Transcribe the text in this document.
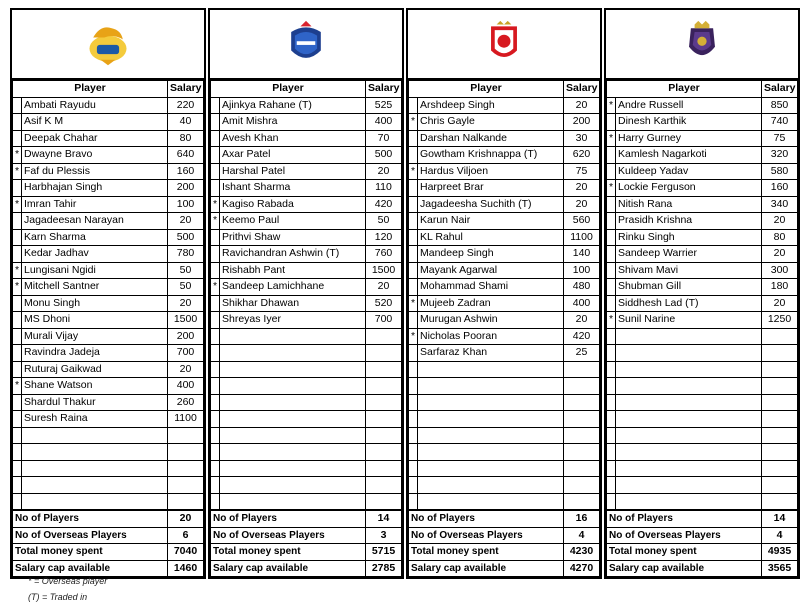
Player		Salary
	Ambati Rayudu	220
	Asif K M	40
	Deepak Chahar	80
*	Dwayne Bravo	640
*	Faf du Plessis	160
	Harbhajan Singh	200
*	Imran Tahir	100
	Jagadeesan Narayan	20
	Karn Sharma	500
	Kedar Jadhav	780
*	Lungisani Ngidi	50
*	Mitchell Santner	50
	Monu Singh	20
	MS Dhoni	1500
	Murali Vijay	200
	Ravindra Jadeja	700
	Ruturaj Gaikwad	20
*	Shane Watson	400
	Shardul Thakur	260
	Suresh Raina	1100

No of Players		20
No of Overseas Players		6
Total money spent		7040
Salary cap available		1460
Player		Salary
	Ajinkya Rahane (T)	525
	Amit Mishra	400
	Avesh Khan	70
	Axar Patel	500
	Harshal Patel	20
	Ishant Sharma	110
*	Kagiso Rabada	420
*	Keemo Paul	50
	Prithvi Shaw	120
	Ravichandran Ashwin (T)	760
	Rishabh Pant	1500
*	Sandeep Lamichhane	20
	Shikhar Dhawan	520
	Shreyas Iyer	700

No of Players		14
No of Overseas Players		3
Total money spent		5715
Salary cap available		2785
Player		Salary
	Arshdeep Singh	20
*	Chris Gayle	200
	Darshan Nalkande	30
	Gowtham Krishnappa (T)	620
*	Hardus Viljoen	75
	Harpreet Brar	20
	Jagadeesha Suchith (T)	20
	Karun Nair	560
	KL Rahul	1100
	Mandeep Singh	140
	Mayank Agarwal	100
	Mohammad Shami	480
*	Mujeeb Zadran	400
	Murugan Ashwin	20
*	Nicholas Pooran	420
	Sarfaraz Khan	25

No of Players		16
No of Overseas Players		4
Total money spent		4230
Salary cap available		4270
Player		Salary
*	Andre Russell	850
	Dinesh Karthik	740
*	Harry Gurney	75
	Kamlesh Nagarkoti	320
	Kuldeep Yadav	580
*	Lockie Ferguson	160
	Nitish Rana	340
	Prasidh Krishna	20
	Rinku Singh	80
	Sandeep Warrier	20
	Shivam Mavi	300
	Shubman Gill	180
	Siddhesh Lad (T)	20
*	Sunil Narine	1250

No of Players		14
No of Overseas Players		4
Total money spent		4935
Salary cap available		3565
* = Overseas player
(T) = Traded in
